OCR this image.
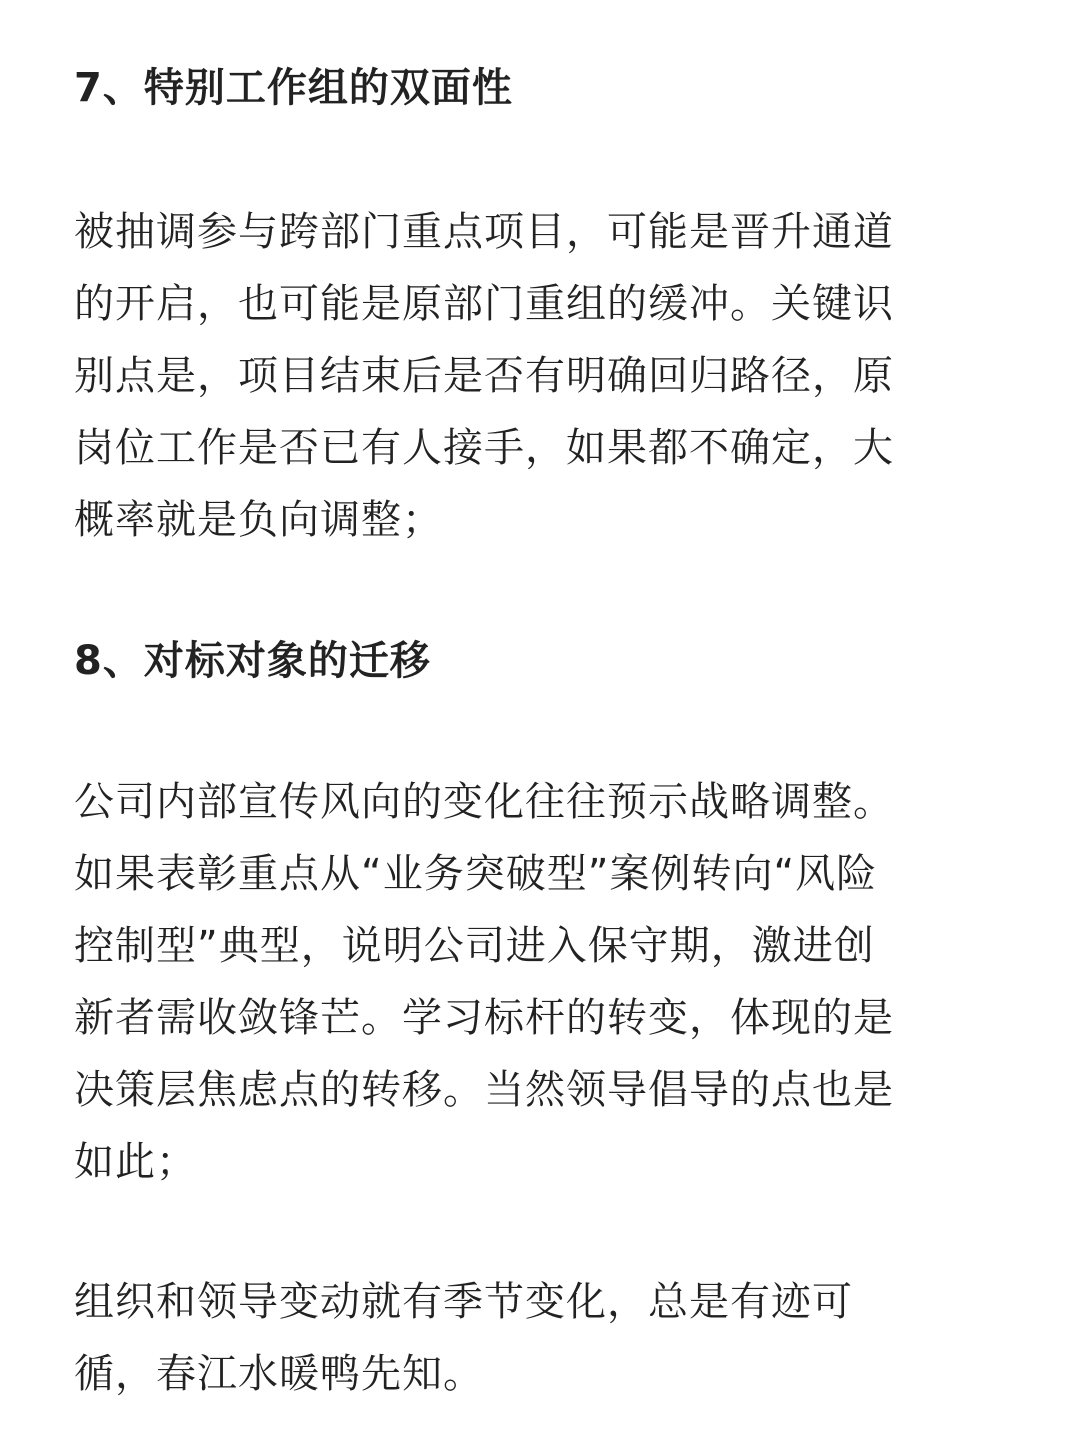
7、特别工作组的双面性
被抽调参与跨部门重点项目，可能是晋升通道
的开启，也可能是原部门重组的缓冲。关键识
别点是，项目结束后是否有明确回归路径，原
岗位工作是否已有人接手，如果都不确定，大
概率就是负向调整；
8、对标对象的迁移
公司内部宣传风向的变化往往预示战略调整。
如果表彰重点从“业务突破型”案例转向“风险
控制型”典型，说明公司进入保守期，激进创
新者需收敛锋芒。学习标杆的转变，体现的是
决策层焦虑点的转移。当然领导倡导的点也是
如此；
组织和领导变动就有季节变化，总是有迹可
循，春江水暖鸭先知。
